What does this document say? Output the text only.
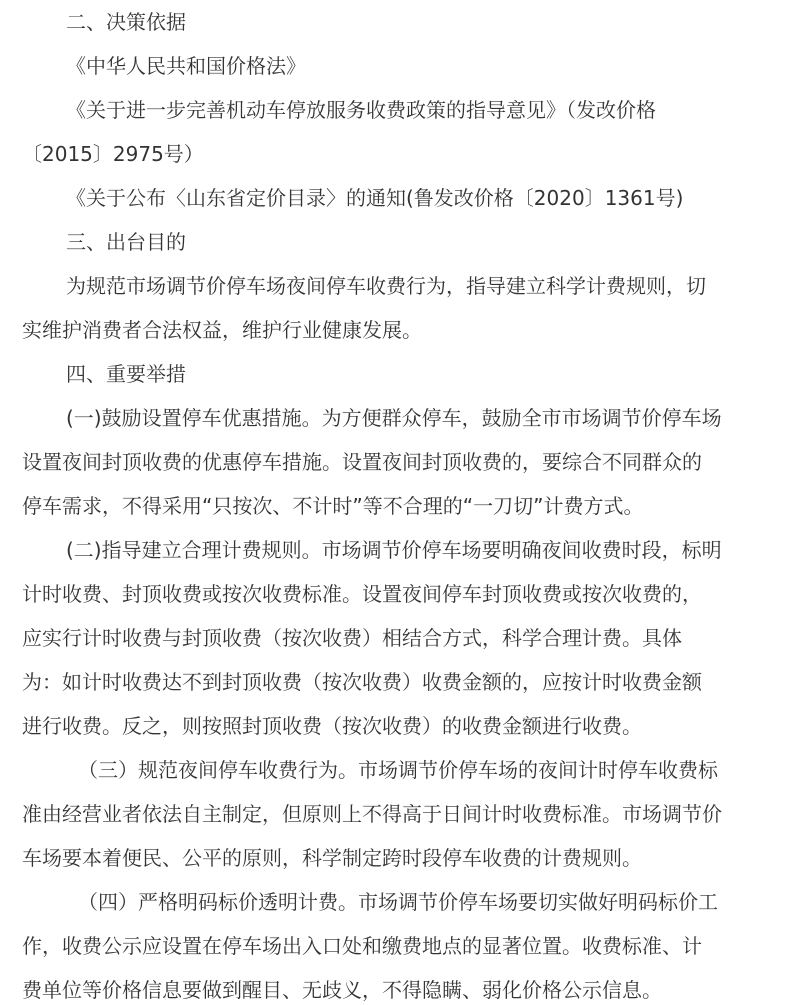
二、决策依据
《中华人民共和国价格法》
《关于进一步完善机动车停放服务收费政策的指导意见》（发改价格
〔2015〕2975号）
《关于公布〈山东省定价目录〉的通知(鲁发改价格〔2020〕1361号)
三、出台目的
为规范市场调节价停车场夜间停车收费行为，指导建立科学计费规则，切
实维护消费者合法权益，维护行业健康发展。
四、重要举措
(一)鼓励设置停车优惠措施。为方便群众停车，鼓励全市市场调节价停车场
设置夜间封顶收费的优惠停车措施。设置夜间封顶收费的，要综合不同群众的
停车需求，不得采用“只按次、不计时”等不合理的“一刀切”计费方式。
(二)指导建立合理计费规则。市场调节价停车场要明确夜间收费时段，标明
计时收费、封顶收费或按次收费标准。设置夜间停车封顶收费或按次收费的，
应实行计时收费与封顶收费（按次收费）相结合方式，科学合理计费。具体
为：如计时收费达不到封顶收费（按次收费）收费金额的，应按计时收费金额
进行收费。反之，则按照封顶收费（按次收费）的收费金额进行收费。
（三）规范夜间停车收费行为。市场调节价停车场的夜间计时停车收费标
准由经营业者依法自主制定，但原则上不得高于日间计时收费标准。市场调节价
车场要本着便民、公平的原则，科学制定跨时段停车收费的计费规则。
（四）严格明码标价透明计费。市场调节价停车场要切实做好明码标价工
作，收费公示应设置在停车场出入口处和缴费地点的显著位置。收费标准、计
费单位等价格信息要做到醒目、无歧义，不得隐瞒、弱化价格公示信息。
